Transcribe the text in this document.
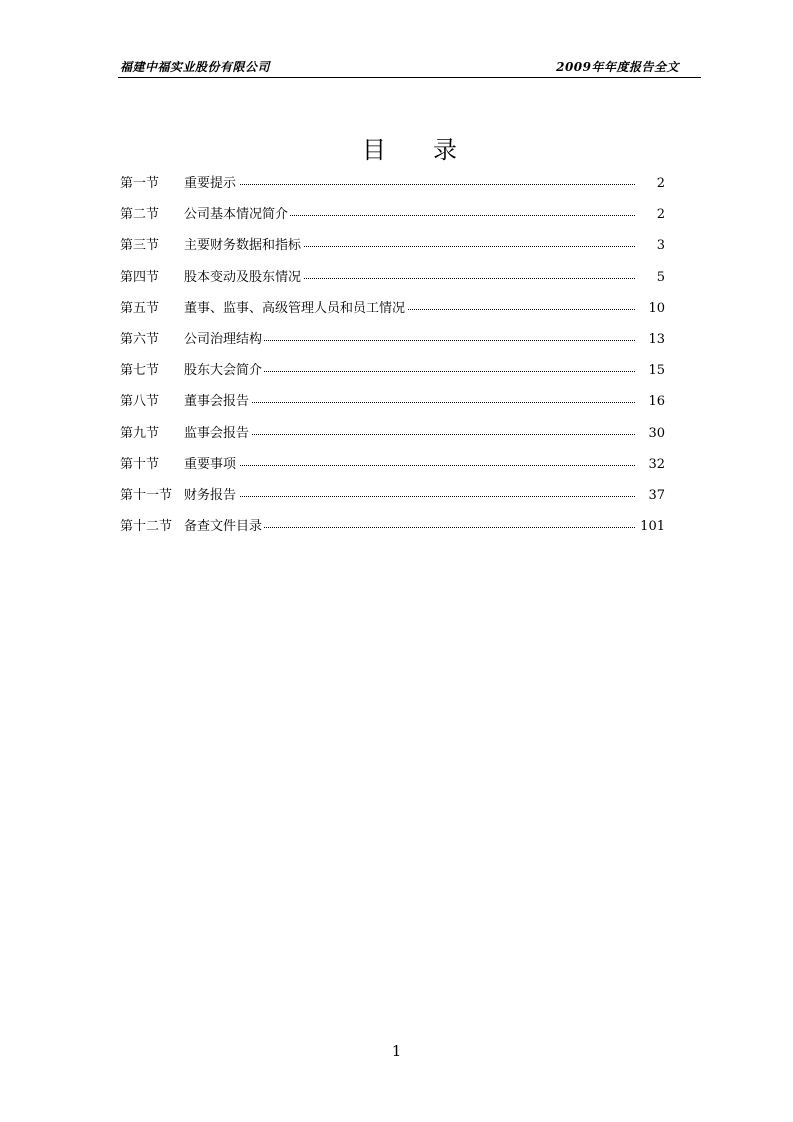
福建中福实业股份有限公司	2009年年度报告全文
目 录
第一节 重要提示	2
第二节 公司基本情况简介	2
第三节 主要财务数据和指标	3
第四节 股本变动及股东情况	5
第五节 董事、监事、高级管理人员和员工情况	10
第六节 公司治理结构	13
第七节 股东大会简介	15
第八节 董事会报告	16
第九节 监事会报告	30
第十节 重要事项	32
第十一节 财务报告	37
第十二节 备查文件目录	101
1
